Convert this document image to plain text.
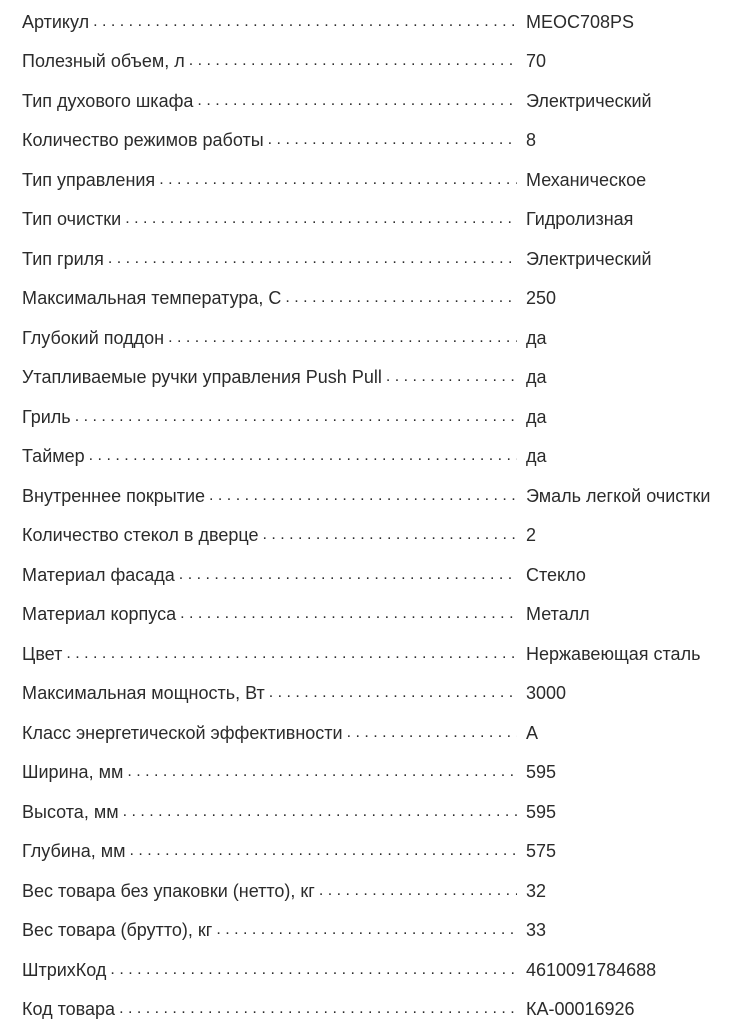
Артикул . . .	MEOC708PS
Полезный объем, л . . .	70
Тип духового шкафа . . .	Электрический
Количество режимов работы . . .	8
Тип управления . . .	Механическое
Тип очистки . . .	Гидролизная
Тип гриля . . .	Электрический
Максимальная температура, С . . .	250
Глубокий поддон . . .	да
Утапливаемые ручки управления Push Pull . . .	да
Гриль . . .	да
Таймер . . .	да
Внутреннее покрытие . . .	Эмаль легкой очистки
Количество стекол в дверце . . .	2
Материал фасада . . .	Стекло
Материал корпуса . . .	Металл
Цвет . . .	Нержавеющая сталь
Максимальная мощность, Вт . . .	3000
Класс энергетической эффективности . . .	A
Ширина, мм . . .	595
Высота, мм . . .	595
Глубина, мм . . .	575
Вес товара без упаковки (нетто), кг . . .	32
Вес товара (брутто), кг . . .	33
ШтрихКод . . .	4610091784688
Код товара . . .	КА-00016926
